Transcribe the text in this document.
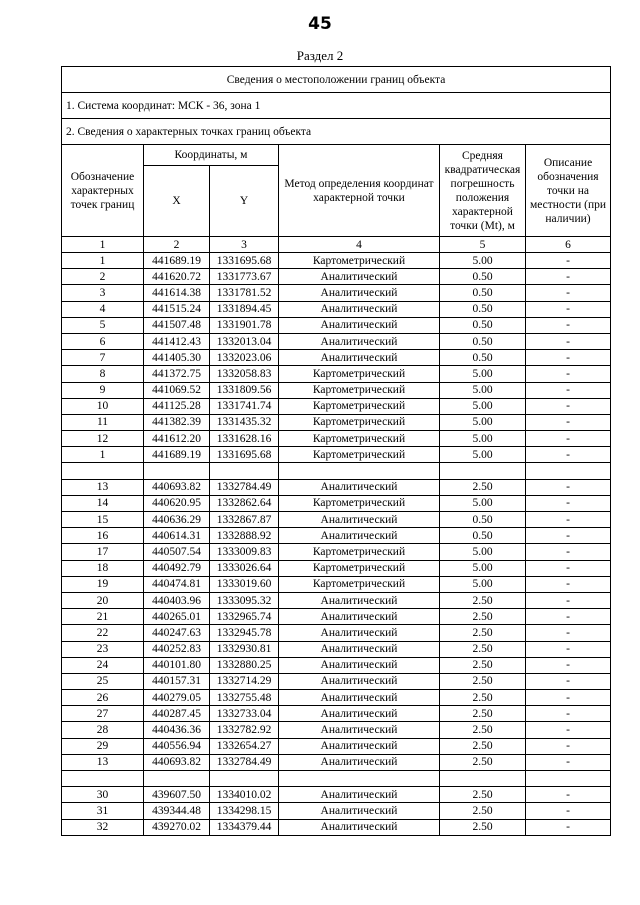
45
Раздел 2
Сведения о местоположении границ объекта					
1. Система координат: МСК - 36, зона 1					
2. Сведения о характерных точках границ объекта					
Обозначение характерных точек границ	Координаты, м		Метод определения координат характерной точки	Средняя квадратическая погрешность положения характерной точки (Mt), м	Описание обозначения точки на местности (при наличии)
	X	Y			
1	2	3	4	5	6
1	441689.19	1331695.68	Картометрический	5.00	-
2	441620.72	1331773.67	Аналитический	0.50	-
3	441614.38	1331781.52	Аналитический	0.50	-
4	441515.24	1331894.45	Аналитический	0.50	-
5	441507.48	1331901.78	Аналитический	0.50	-
6	441412.43	1332013.04	Аналитический	0.50	-
7	441405.30	1332023.06	Аналитический	0.50	-
8	441372.75	1332058.83	Картометрический	5.00	-
9	441069.52	1331809.56	Картометрический	5.00	-
10	441125.28	1331741.74	Картометрический	5.00	-
11	441382.39	1331435.32	Картометрический	5.00	-
12	441612.20	1331628.16	Картометрический	5.00	-
1	441689.19	1331695.68	Картометрический	5.00	-

13	440693.82	1332784.49	Аналитический	2.50	-
14	440620.95	1332862.64	Картометрический	5.00	-
15	440636.29	1332867.87	Аналитический	0.50	-
16	440614.31	1332888.92	Аналитический	0.50	-
17	440507.54	1333009.83	Картометрический	5.00	-
18	440492.79	1333026.64	Картометрический	5.00	-
19	440474.81	1333019.60	Картометрический	5.00	-
20	440403.96	1333095.32	Аналитический	2.50	-
21	440265.01	1332965.74	Аналитический	2.50	-
22	440247.63	1332945.78	Аналитический	2.50	-
23	440252.83	1332930.81	Аналитический	2.50	-
24	440101.80	1332880.25	Аналитический	2.50	-
25	440157.31	1332714.29	Аналитический	2.50	-
26	440279.05	1332755.48	Аналитический	2.50	-
27	440287.45	1332733.04	Аналитический	2.50	-
28	440436.36	1332782.92	Аналитический	2.50	-
29	440556.94	1332654.27	Аналитический	2.50	-
13	440693.82	1332784.49	Аналитический	2.50	-

30	439607.50	1334010.02	Аналитический	2.50	-
31	439344.48	1334298.15	Аналитический	2.50	-
32	439270.02	1334379.44	Аналитический	2.50	-
